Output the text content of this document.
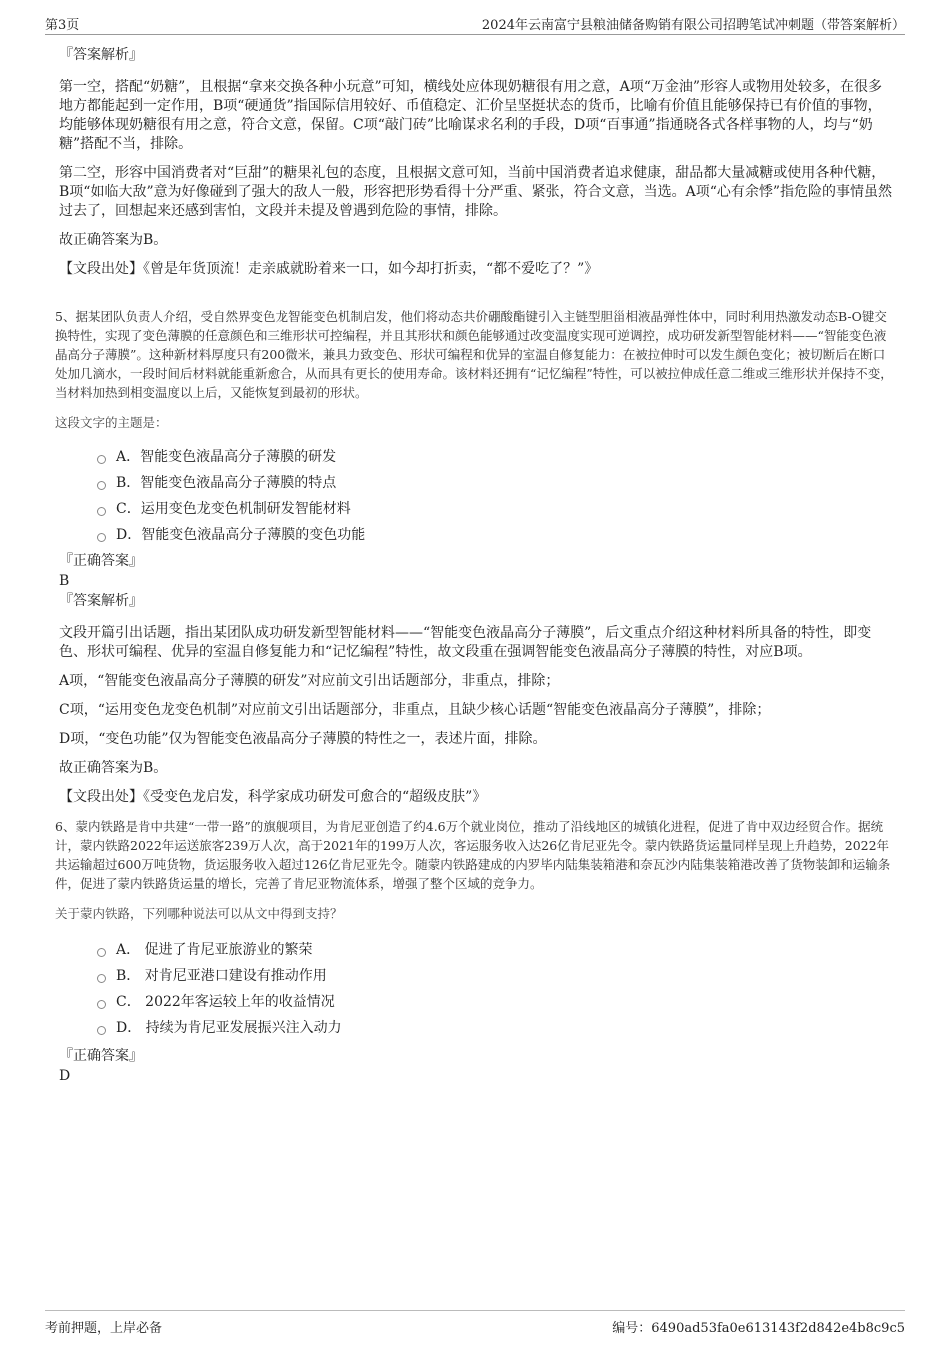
第3页	2024年云南富宁县粮油储备购销有限公司招聘笔试冲刺题（带答案解析）
『答案解析』

第一空，搭配“奶糖”，且根据“拿来交换各种小玩意”可知，横线处应体现奶糖很有用之意，A项“万金油”形容人或物用处较多，在很多地方都能起到一定作用，B项“硬通货”指国际信用较好、币值稳定、汇价呈坚挺状态的货币，比喻有价值且能够保持已有价值的事物，均能够体现奶糖很有用之意，符合文意，保留。C项“敲门砖”比喻谋求名利的手段，D项“百事通”指通晓各式各样事物的人，均与“奶糖”搭配不当，排除。

第二空，形容中国消费者对“巨甜”的糖果礼包的态度，且根据文意可知，当前中国消费者追求健康，甜品都大量减糖或使用各种代糖，B项“如临大敌”意为好像碰到了强大的敌人一般，形容把形势看得十分严重、紧张，符合文意，当选。A项“心有余悸”指危险的事情虽然过去了，回想起来还感到害怕，文段并未提及曾遇到危险的事情，排除。

故正确答案为B。

【文段出处】《曾是年货顶流！走亲戚就盼着来一口，如今却打折卖，“都不爱吃了？”》

5、据某团队负责人介绍，受自然界变色龙智能变色机制启发，他们将动态共价硼酸酯键引入主链型胆甾相液晶弹性体中，同时利用热激发动态B-O键交换特性，实现了变色薄膜的任意颜色和三维形状可控编程，并且其形状和颜色能够通过改变温度实现可逆调控，成功研发新型智能材料——“智能变色液晶高分子薄膜”。这种新材料厚度只有200微米，兼具力致变色、形状可编程和优异的室温自修复能力：在被拉伸时可以发生颜色变化；被切断后在断口处加几滴水，一段时间后材料就能重新愈合，从而具有更长的使用寿命。该材料还拥有“记忆编程”特性，可以被拉伸成任意二维或三维形状并保持不变，当材料加热到相变温度以上后，又能恢复到最初的形状。

这段文字的主题是：

A．智能变色液晶高分子薄膜的研发
B．智能变色液晶高分子薄膜的特点
C．运用变色龙变色机制研发智能材料
D．智能变色液晶高分子薄膜的变色功能
『正确答案』
B
『答案解析』

文段开篇引出话题，指出某团队成功研发新型智能材料——“智能变色液晶高分子薄膜”，后文重点介绍这种材料所具备的特性，即变色、形状可编程、优异的室温自修复能力和“记忆编程”特性，故文段重在强调智能变色液晶高分子薄膜的特性，对应B项。

A项，“智能变色液晶高分子薄膜的研发”对应前文引出话题部分，非重点，排除；

C项，“运用变色龙变色机制”对应前文引出话题部分，非重点，且缺少核心话题“智能变色液晶高分子薄膜”，排除；

D项，“变色功能”仅为智能变色液晶高分子薄膜的特性之一，表述片面，排除。

故正确答案为B。

【文段出处】《受变色龙启发，科学家成功研发可愈合的“超级皮肤”》

6、蒙内铁路是肯中共建“一带一路”的旗舰项目，为肯尼亚创造了约4.6万个就业岗位，推动了沿线地区的城镇化进程，促进了肯中双边经贸合作。据统计，蒙内铁路2022年运送旅客239万人次，高于2021年的199万人次，客运服务收入达26亿肯尼亚先令。蒙内铁路货运量同样呈现上升趋势，2022年共运输超过600万吨货物，货运服务收入超过126亿肯尼亚先令。随蒙内铁路建成的内罗毕内陆集装箱港和奈瓦沙内陆集装箱港改善了货物装卸和运输条件，促进了蒙内铁路货运量的增长，完善了肯尼亚物流体系，增强了整个区域的竞争力。

关于蒙内铁路，下列哪种说法可以从文中得到支持？

A． 促进了肯尼亚旅游业的繁荣
B． 对肯尼亚港口建设有推动作用
C． 2022年客运较上年的收益情况
D． 持续为肯尼亚发展振兴注入动力
『正确答案』
D
考前押题，上岸必备	编号：6490ad53fa0e613143f2d842e4b8c9c5
